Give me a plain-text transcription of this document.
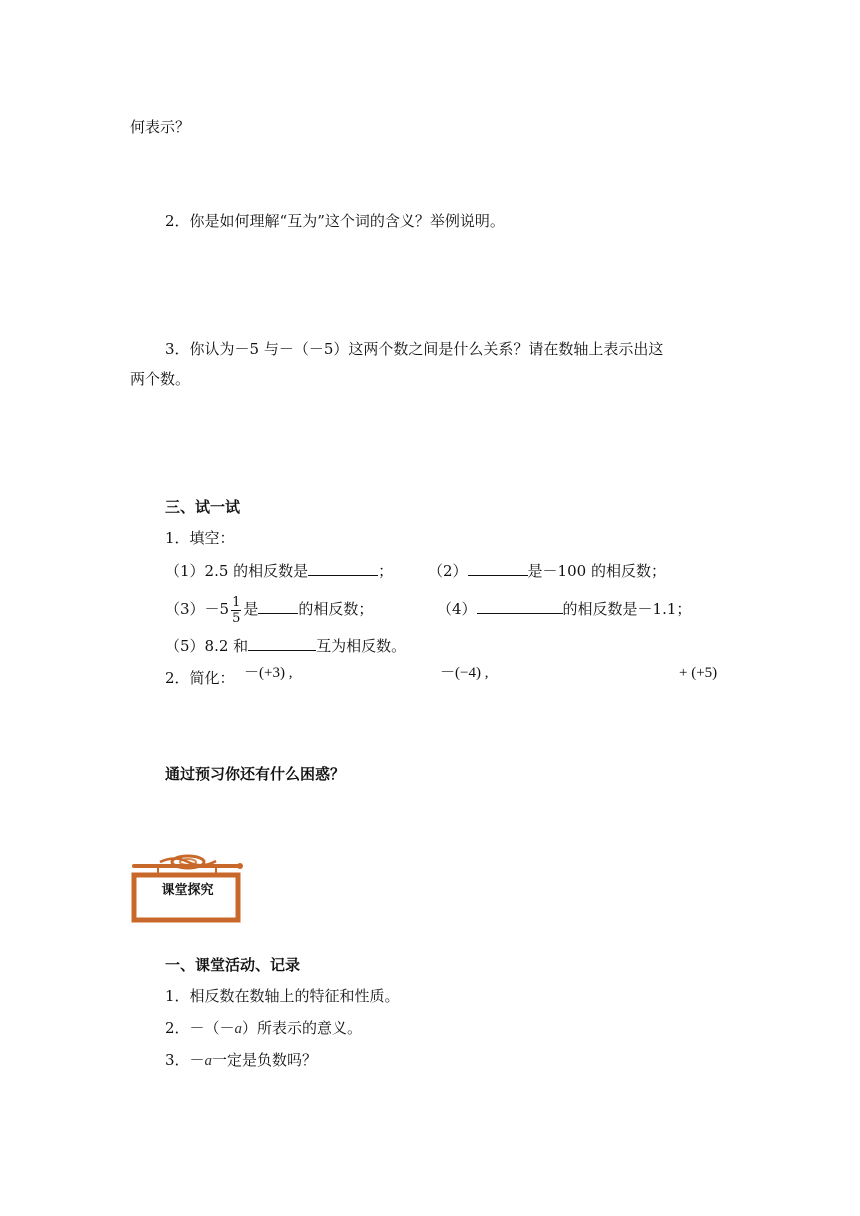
何表示？
2．你是如何理解“互为”这个词的含义？举例说明。
3．你认为－5 与－（－5）这两个数之间是什么关系？请在数轴上表示出这
两个数。
三、试一试
1．填空：
（1）2.5 的相反数是	； （2）	是－100 的相反数；
$(3)-5 \frac{1}{5}$ 是	的相反数；	（4）	的相反数是－1.1；
（5）8.2 和	互为相反数。
2．简化： －(+3) ,	－(−4) ,	+ (+5)
通过预习你还有什么困惑？
课堂探究
一、课堂活动、记录
1．相反数在数轴上的特征和性质。
2．－（－a）所表示的意义。
3．－a一定是负数吗？
